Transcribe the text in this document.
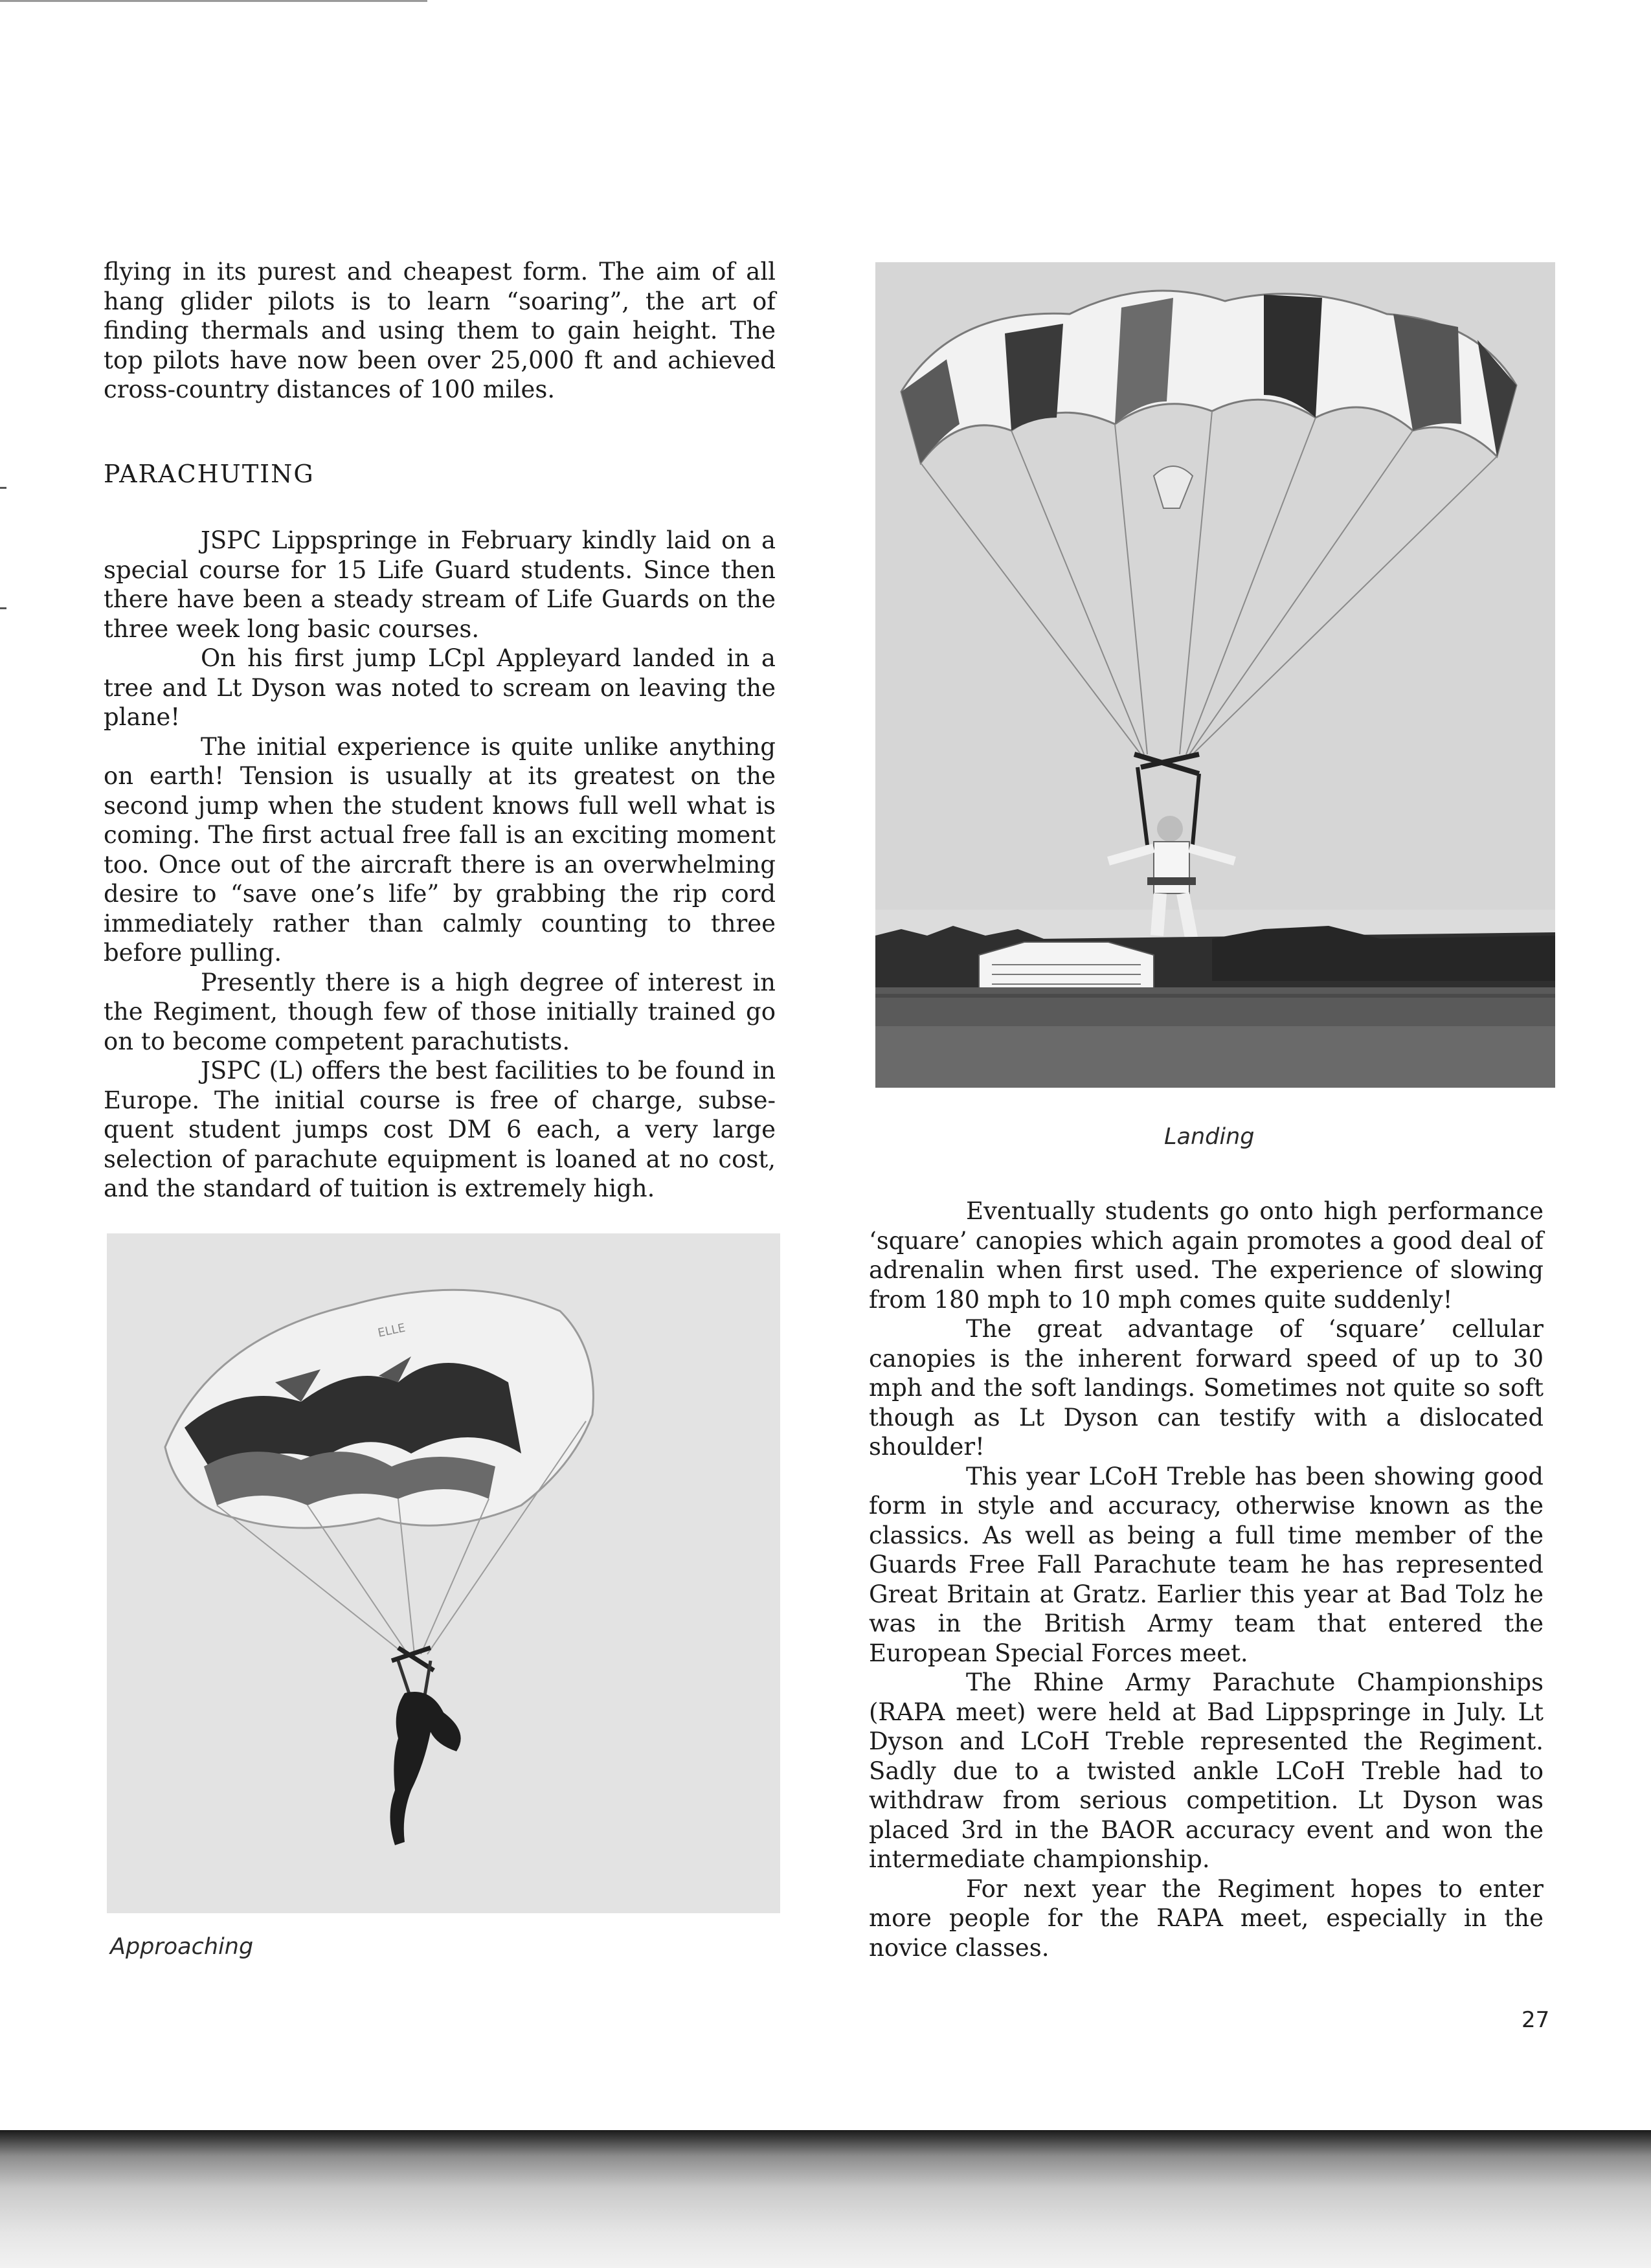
flying in its purest and cheapest form. The aim of all hang glider pilots is to learn “soaring”, the art of finding thermals and using them to gain height. The top pilots have now been over 25,000 ft and achieved cross-country distances of 100 miles.

PARACHUTING

JSPC Lippspringe in February kindly laid on a special course for 15 Life Guard students. Since then there have been a steady stream of Life Guards on the three week long basic courses.

On his first jump LCpl Appleyard landed in a tree and Lt Dyson was noted to scream on leaving the plane!

The initial experience is quite unlike anything on earth! Tension is usually at its greatest on the second jump when the student knows full well what is coming. The first actual free fall is an exciting moment too. Once out of the aircraft there is an overwhelming desire to “save one’s life” by grabbing the rip cord immediately rather than calmly counting to three before pulling.

Presently there is a high degree of interest in the Regiment, though few of those initially trained go on to become competent parachutists.

JSPC (L) offers the best facilities to be found in Europe. The initial course is free of charge, subsequent student jumps cost DM 6 each, a very large selection of parachute equipment is loaned at no cost, and the standard of tuition is extremely high.

Eventually students go onto high performance ‘square’ canopies which again promotes a good deal of adrenalin when first used. The experience of slowing from 180 mph to 10 mph comes quite suddenly!

The great advantage of ‘square’ cellular canopies is the inherent forward speed of up to 30 mph and the soft landings. Sometimes not quite so soft though as Lt Dyson can testify with a dislocated shoulder!

This year LCoH Treble has been showing good form in style and accuracy, otherwise known as the classics. As well as being a full time member of the Guards Free Fall Parachute team he has represented Great Britain at Gratz. Earlier this year at Bad Tolz he was in the British Army team that entered the European Special Forces meet.

The Rhine Army Parachute Championships (RAPA meet) were held at Bad Lippspringe in July. Lt Dyson and LCoH Treble represented the Regiment. Sadly due to a twisted ankle LCoH Treble had to withdraw from serious competition. Lt Dyson was placed 3rd in the BAOR accuracy event and won the intermediate championship.

For next year the Regiment hopes to enter more people for the RAPA meet, especially in the novice classes.

Landing
ELLE
Approaching
27
